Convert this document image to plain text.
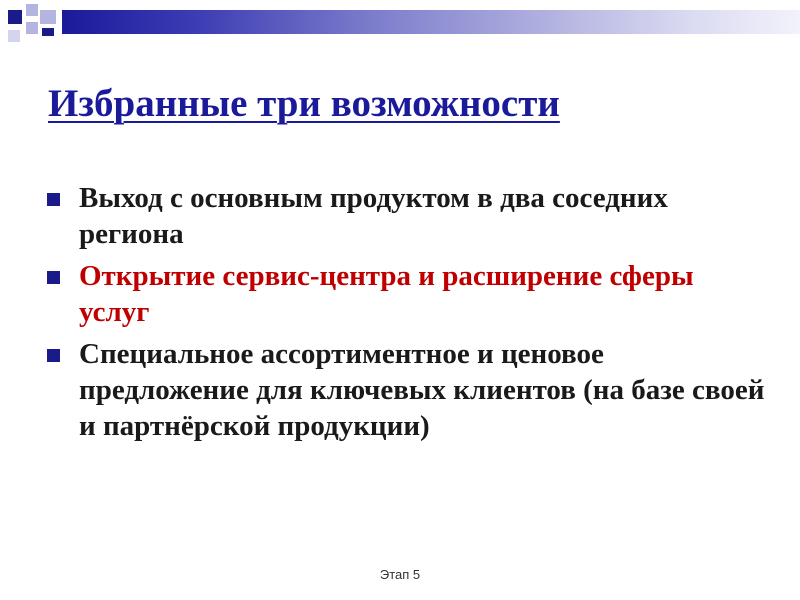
Избранные три возможности
Выход с основным продуктом в два соседних региона
Открытие сервис-центра и расширение сферы услуг
Специальное ассортиментное и ценовое предложение для ключевых клиентов (на базе своей и партнёрской продукции)
Этап 5
